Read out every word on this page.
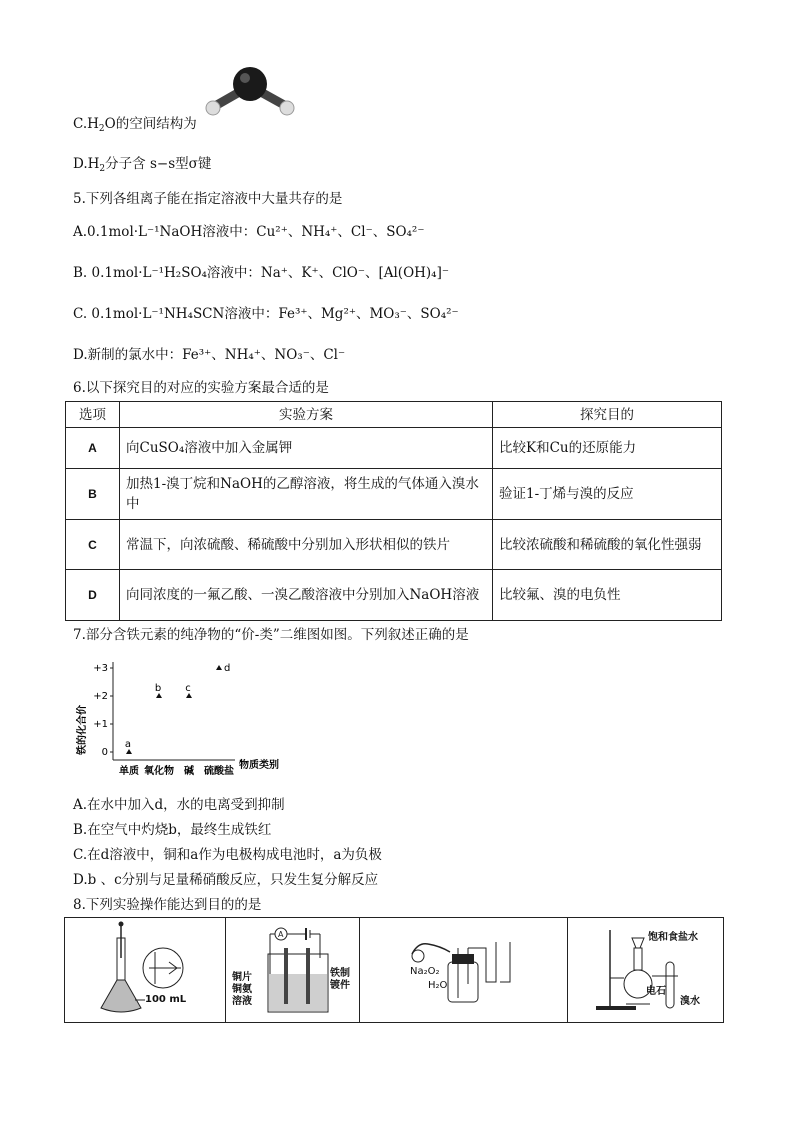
$C.H_2O$的空间结构为
$D.H_2$分子含 s−s型σ键
5.下列各组离子能在指定溶液中大量共存的是
A.0.1mol·L⁻¹NaOH溶液中：Cu²⁺、NH₄⁺、Cl⁻、SO₄²⁻
B. 0.1mol·L⁻¹H₂SO₄溶液中：Na⁺、K⁺、ClO⁻、[Al(OH)₄]⁻
C. 0.1mol·L⁻¹NH₄SCN溶液中：Fe³⁺、Mg²⁺、MO₃⁻、SO₄²⁻
D.新制的氯水中：Fe³⁺、NH₄⁺、NO₃⁻、Cl⁻
6.以下探究目的对应的实验方案最合适的是
选项	实验方案	探究目的
A	向CuSO₄溶液中加入金属钾	比较K和Cu的还原能力
B	加热1-溴丁烷和NaOH的乙醇溶液，将生成的气体通入溴水中	验证1-丁烯与溴的反应
C	常温下，向浓硫酸、稀硫酸中分别加入形状相似的铁片	比较浓硫酸和稀硫酸的氧化性强弱
D	向同浓度的一氟乙酸、一溴乙酸溶液中分别加入NaOH溶液	比较氟、溴的电负性
7.部分含铁元素的纯净物的“价-类”二维图如图。下列叙述正确的是
铁的化合价 0
+1
+2
+3
单质 氧化物 碱 硫酸盐
a
b c
d
物质类别
A.在水中加入d，水的电离受到抑制
B.在空气中灼烧b，最终生成铁红
C.在d溶液中，铜和a作为电极构成电池时，a为负极
D.b 、c分别与足量稀硝酸反应，只发生复分解反应
8.下列实验操作能达到目的的是
100 mL
A
铜片
铜氨溶液
铁制镀件
Na₂O₂
H₂O
饱和食盐水
电石
溴水
